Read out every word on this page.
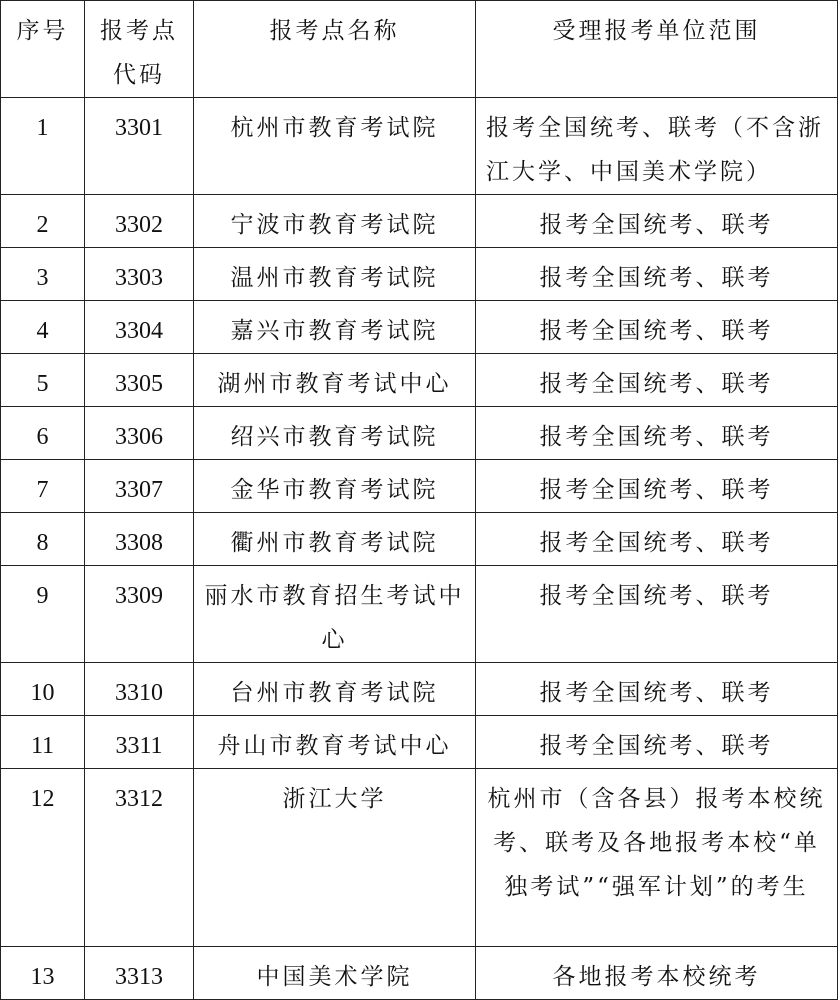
序号	报考点代码	报考点名称	受理报考单位范围
1	3301	杭州市教育考试院	报考全国统考、联考（不含浙江大学、中国美术学院）
2	3302	宁波市教育考试院	报考全国统考、联考
3	3303	温州市教育考试院	报考全国统考、联考
4	3304	嘉兴市教育考试院	报考全国统考、联考
5	3305	湖州市教育考试中心	报考全国统考、联考
6	3306	绍兴市教育考试院	报考全国统考、联考
7	3307	金华市教育考试院	报考全国统考、联考
8	3308	衢州市教育考试院	报考全国统考、联考
9	3309	丽水市教育招生考试中心	报考全国统考、联考
10	3310	台州市教育考试院	报考全国统考、联考
11	3311	舟山市教育考试中心	报考全国统考、联考
12	3312	浙江大学	杭州市（含各县）报考本校统考、联考及各地报考本校“单独考试”“强军计划”的考生
13	3313	中国美术学院	各地报考本校统考
